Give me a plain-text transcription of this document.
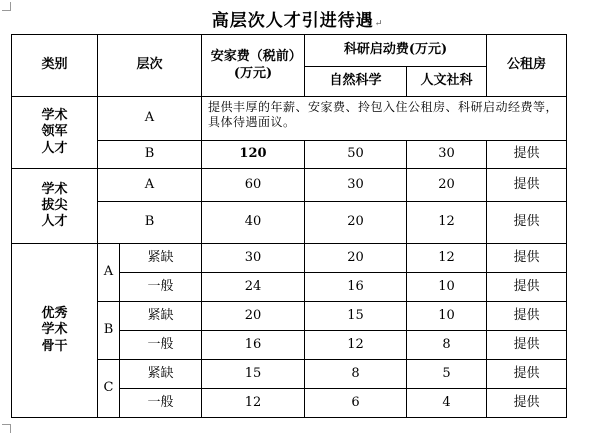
高层次人才引进待遇↵
类别	层次		安家费（税前）(万元)	科研启动费(万元)		公租房
				自然科学	人文社科	
学术领军人才	A		提供丰厚的年薪、安家费、拎包入住公租房、科研启动经费等，具体待遇面议。			
	B		120	50	30	提供
学术拔尖人才	A		60	30	20	提供
	B		40	20	12	提供
优秀学术骨干	A	紧缺	30	20	12	提供
		一般	24	16	10	提供
	B	紧缺	20	15	10	提供
		一般	16	12	8	提供
	C	紧缺	15	8	5	提供
		一般	12	6	4	提供
